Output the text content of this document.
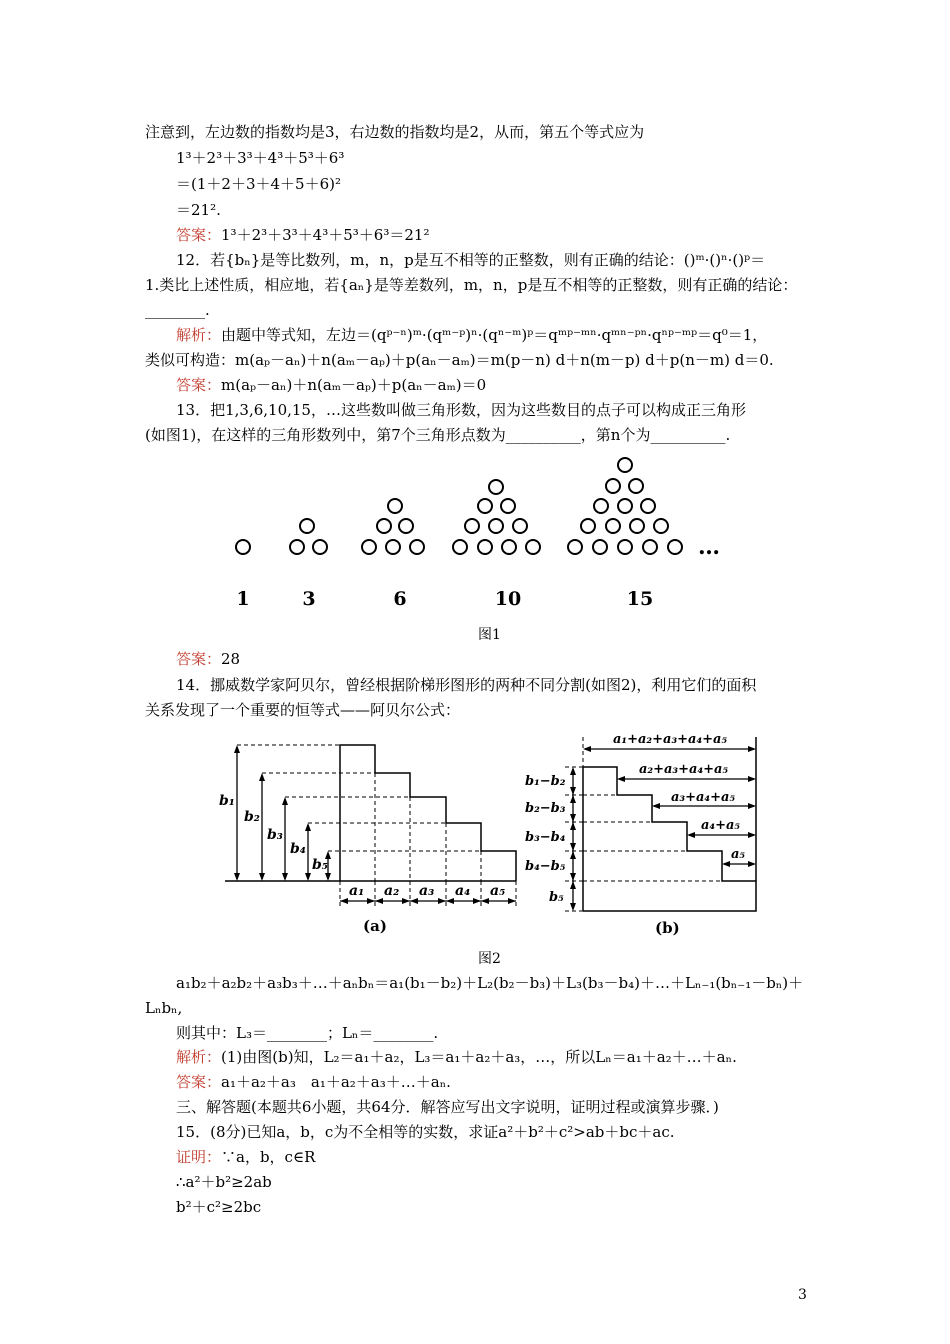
注意到，左边数的指数均是3，右边数的指数均是2，从而，第五个等式应为
1³＋2³＋3³＋4³＋5³＋6³
＝(1＋2＋3＋4＋5＋6)²
＝21².
答案：1³＋2³＋3³＋4³＋5³＋6³＝21²
12．若{bₙ}是等比数列，m，n，p是互不相等的正整数，则有正确的结论：()ᵐ·()ⁿ·()ᵖ＝
1.类比上述性质，相应地，若{aₙ}是等差数列，m，n，p是互不相等的正整数，则有正确的结论：
________.
解析：由题中等式知，左边＝(qᵖ⁻ⁿ)ᵐ·(qᵐ⁻ᵖ)ⁿ·(qⁿ⁻ᵐ)ᵖ＝qᵐᵖ⁻ᵐⁿ·qᵐⁿ⁻ᵖⁿ·qⁿᵖ⁻ᵐᵖ＝q⁰＝1，
类似可构造：m(aₚ－aₙ)＋n(aₘ－aₚ)＋p(aₙ－aₘ)＝m(p－n) d＋n(m－p) d＋p(n－m) d＝0.
答案：m(aₚ－aₙ)＋n(aₘ－aₚ)＋p(aₙ－aₘ)＝0
13．把1,3,6,10,15，…这些数叫做三角形数，因为这些数目的点子可以构成正三角形
(如图1)，在这样的三角形数列中，第7个三角形点数为__________，第n个为__________.
…
1	3	6	10	15
图1
答案：28
14．挪威数学家阿贝尔，曾经根据阶梯形图形的两种不同分割(如图2)，利用它们的面积
关系发现了一个重要的恒等式——阿贝尔公式：
b₁
b₂
b₃
b₄
b₅
a₁ a₂ a₃ a₄ a₅
(a)
b₁−b₂
b₂−b₃
b₃−b₄
b₄−b₅
b₅
a₁+a₂+a₃+a₄+a₅
a₂+a₃+a₄+a₅
a₃+a₄+a₅
a₄+a₅
a₅
(b)
图2
a₁b₂＋a₂b₂＋a₃b₃＋…＋aₙbₙ＝a₁(b₁－b₂)＋L₂(b₂－b₃)＋L₃(b₃－b₄)＋…＋Lₙ₋₁(bₙ₋₁－bₙ)＋
Lₙbₙ,
则其中：L₃＝________；Lₙ＝________.
解析：(1)由图(b)知，L₂＝a₁＋a₂，L₃＝a₁＋a₂＋a₃，…，所以Lₙ＝a₁＋a₂＋…＋aₙ.
答案：a₁＋a₂＋a₃　a₁＋a₂＋a₃＋…＋aₙ.
三、解答题(本题共6小题，共64分．解答应写出文字说明，证明过程或演算步骤．)
15．(8分)已知a，b，c为不全相等的实数，求证a²＋b²＋c²>ab＋bc＋ac.
证明：∵a，b，c∈R
∴a²＋b²≥2ab
b²＋c²≥2bc
3
